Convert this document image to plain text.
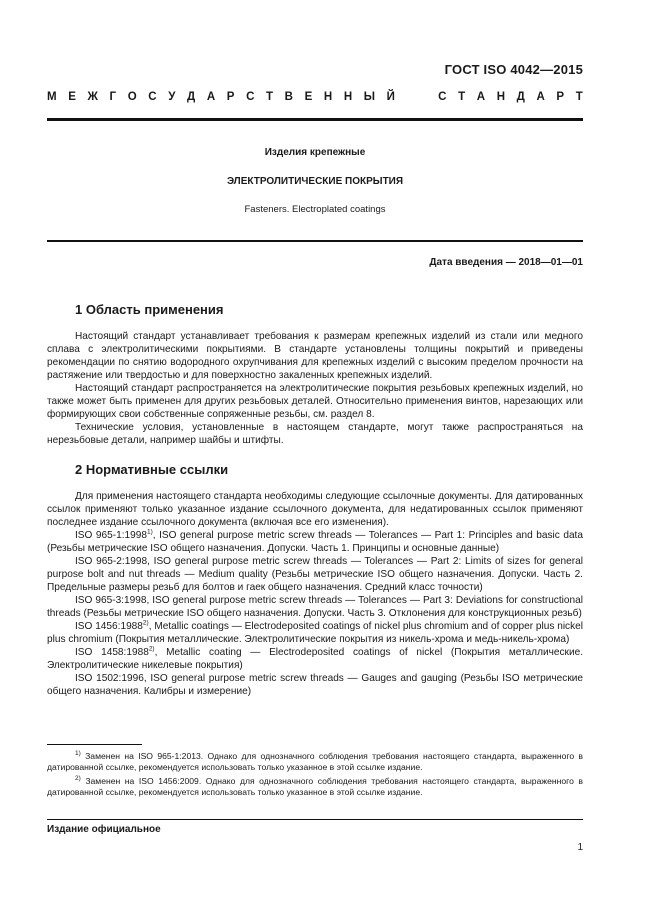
ГОСТ ISO 4042—2015
М Е Ж Г О С У Д А Р С Т В Е Н Н Ы Й	С Т А Н Д А Р Т
Изделия крепежные
ЭЛЕКТРОЛИТИЧЕСКИЕ ПОКРЫТИЯ
Fasteners. Electroplated coatings
Дата введения — 2018—01—01
1 Область применения

Настоящий стандарт устанавливает требования к размерам крепежных изделий из стали или медного сплава с электролитическими покрытиями. В стандарте установлены толщины покрытий и приведены рекомендации по снятию водородного охрупчивания для крепежных изделий с высоким пределом прочности на растяжение или твердостью и для поверхностно закаленных крепежных изделий.

Настоящий стандарт распространяется на электролитические покрытия резьбовых крепежных изделий, но также может быть применен для других резьбовых деталей. Относительно применения винтов, нарезающих или формирующих свои собственные сопряженные резьбы, см. раздел 8.

Технические условия, установленные в настоящем стандарте, могут также распространяться на нерезьбовые детали, например шайбы и штифты.

2 Нормативные ссылки

Для применения настоящего стандарта необходимы следующие ссылочные документы. Для датированных ссылок применяют только указанное издание ссылочного документа, для недатированных ссылок применяют последнее издание ссылочного документа (включая все его изменения).

ISO 965-1:1998$^{1)}$, ISO general purpose metric screw threads — Tolerances — Part 1: Principles and basic data (Резьбы метрические ISO общего назначения. Допуски. Часть 1. Принципы и основные данные)

ISO 965-2:1998, ISO general purpose metric screw threads — Tolerances — Part 2: Limits of sizes for general purpose bolt and nut threads — Medium quality (Резьбы метрические ISO общего назначения. Допуски. Часть 2. Предельные размеры резьб для болтов и гаек общего назначения. Средний класс точности)

ISO 965-3:1998, ISO general purpose metric screw threads — Tolerances — Part 3: Deviations for constructional threads (Резьбы метрические ISO общего назначения. Допуски. Часть 3. Отклонения для конструкционных резьб)

ISO 1456:1988$^{2)}$, Metallic coatings — Electrodeposited coatings of nickel plus chromium and of copper plus nickel plus chromium (Покрытия металлические. Электролитические покрытия из никель-хрома и медь-никель-хрома)

ISO 1458:1988$^{2)}$, Metallic coating — Electrodeposited coatings of nickel (Покрытия металлические. Электролитические никелевые покрытия)

ISO 1502:1996, ISO general purpose metric screw threads — Gauges and gauging (Резьбы ISO метрические общего назначения. Калибры и измерение)

$^{1)}$ Заменен на ISO 965-1:2013. Однако для однозначного соблюдения требования настоящего стандарта, выраженного в датированной ссылке, рекомендуется использовать только указанное в этой ссылке издание.

$^{2)}$ Заменен на ISO 1456:2009. Однако для однозначного соблюдения требования настоящего стандарта, выраженного в датированной ссылке, рекомендуется использовать только указанное в этой ссылке издание.

Издание официальное
1
